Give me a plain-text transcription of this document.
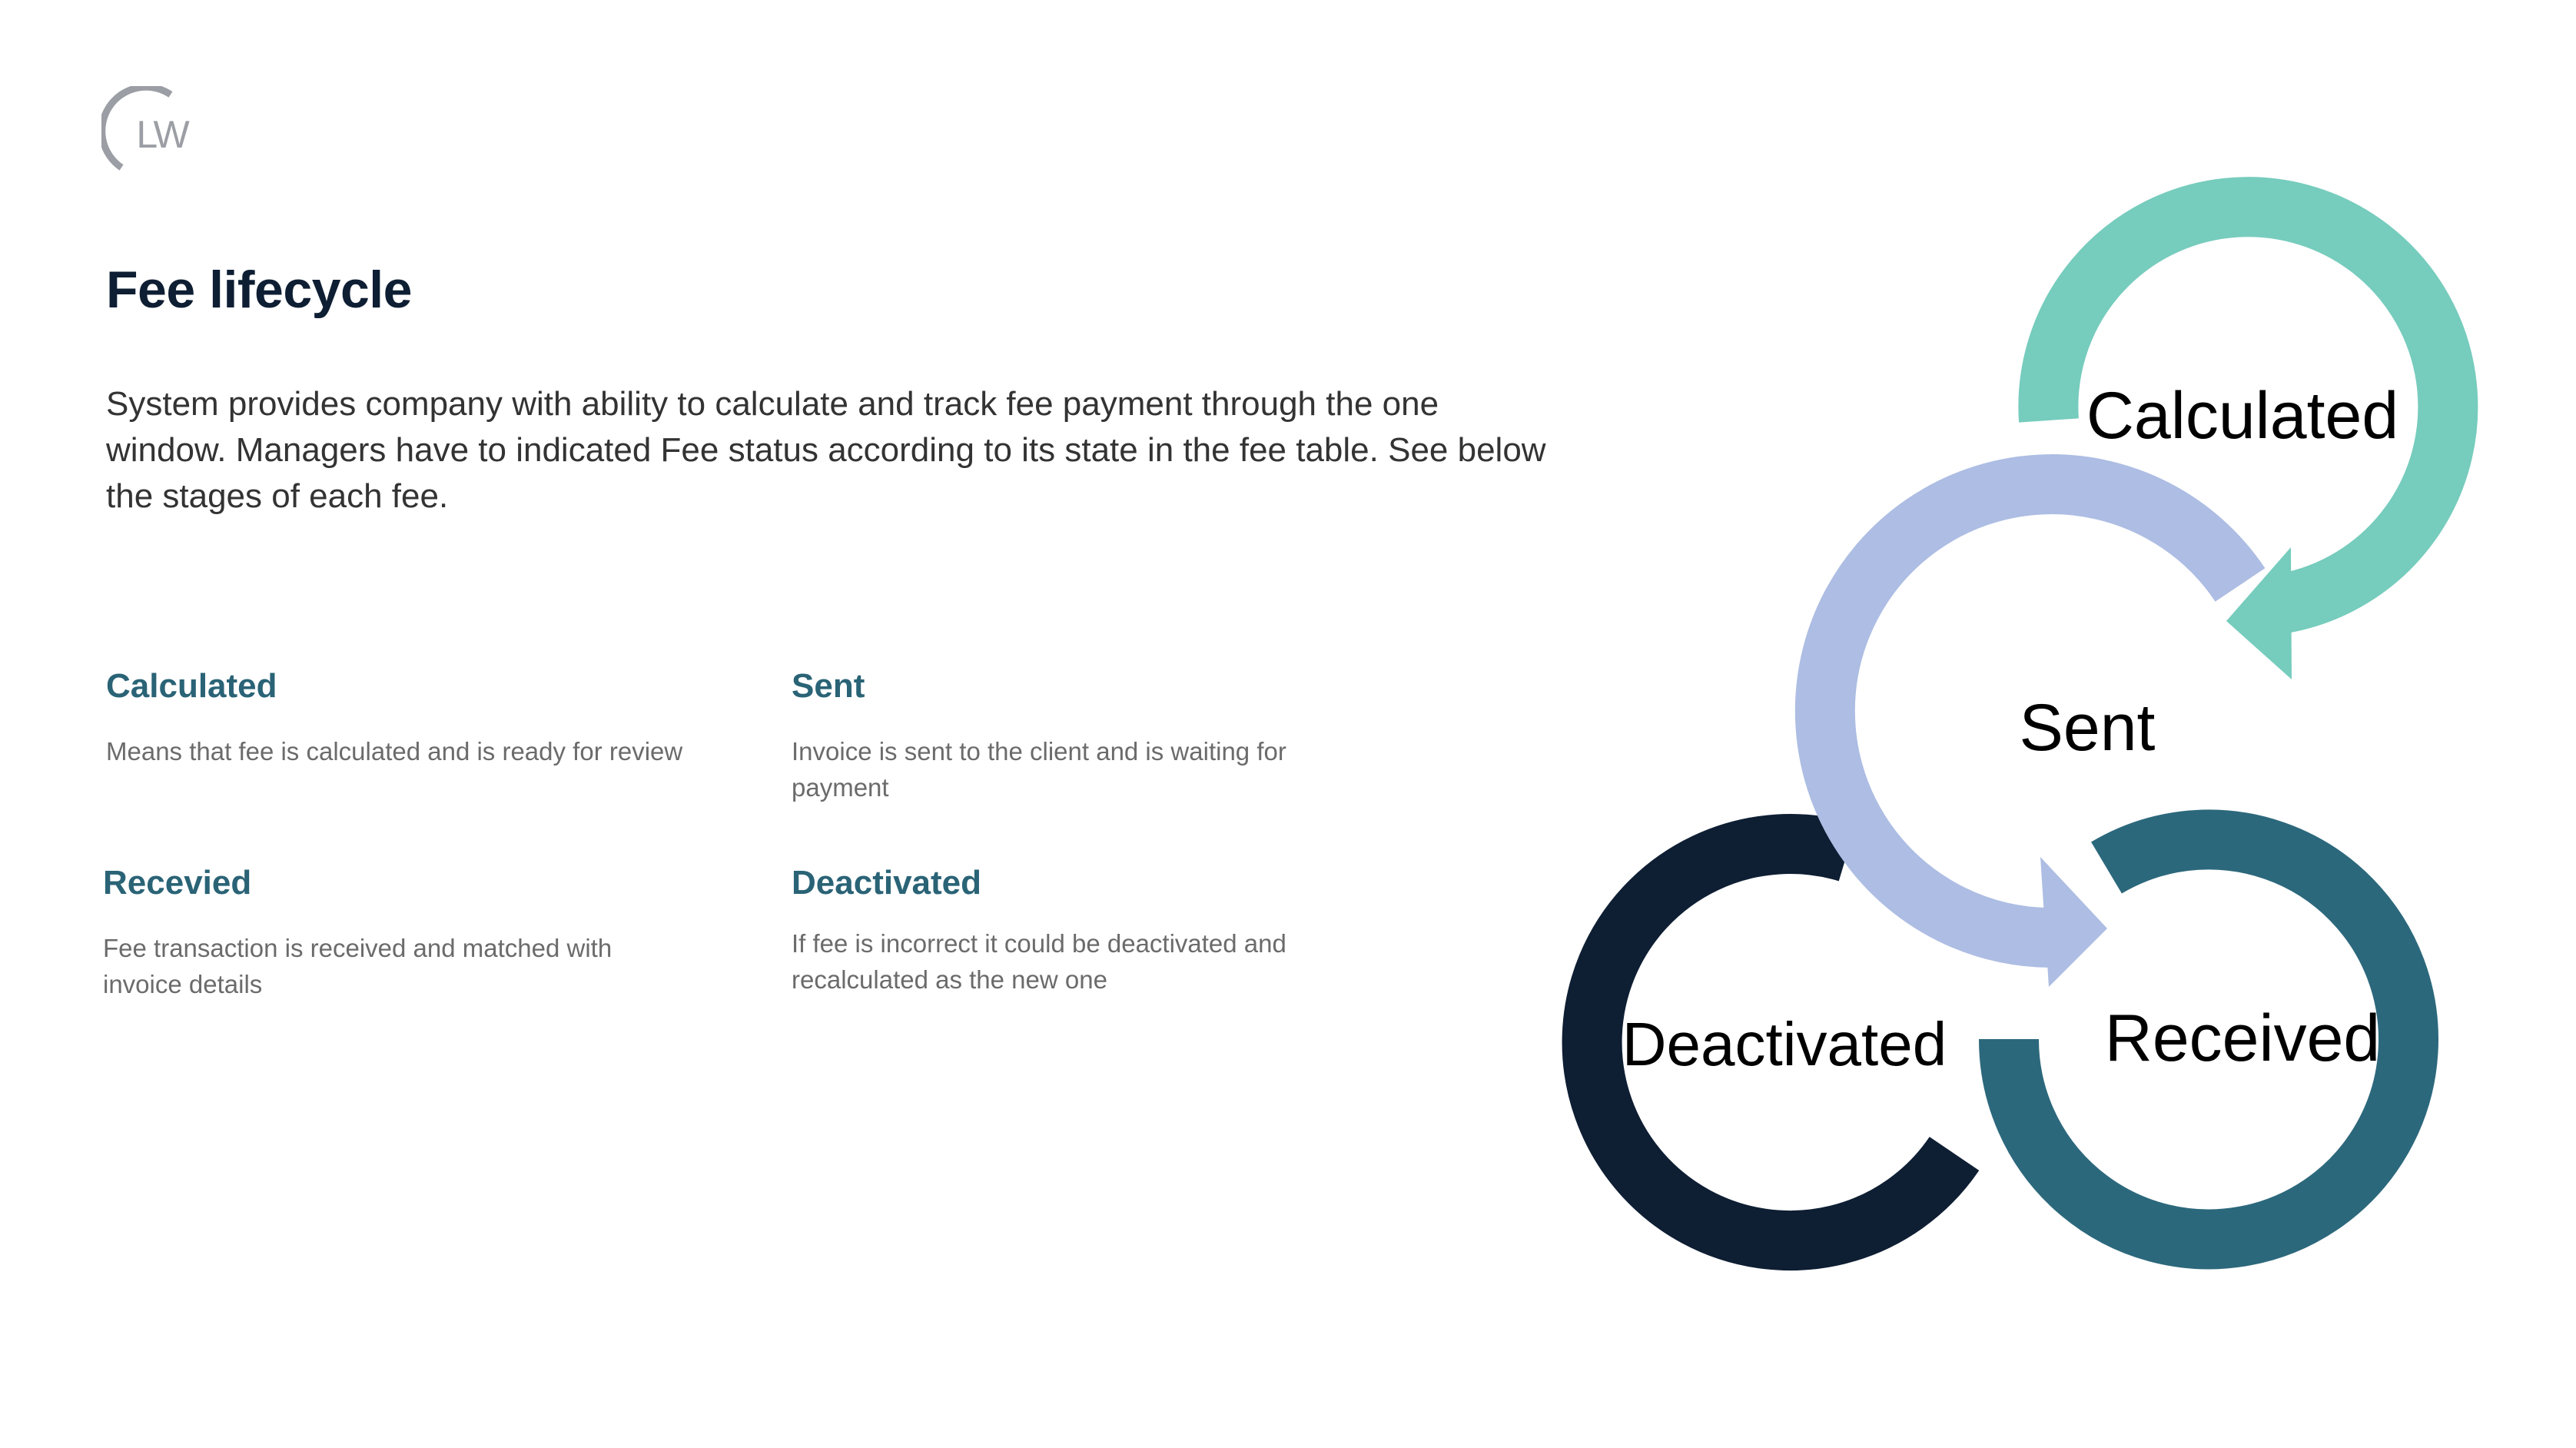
LW
Fee lifecycle

System provides company with ability to calculate and track fee payment through the one window. Managers have to indicated Fee status according to its state in the fee table. See below the stages of each fee.

Calculated

Means that fee is calculated and is ready for review

Sent

Invoice is sent to the client and is waiting for payment

Recevied

Fee transaction is received and matched with invoice details

Deactivated

If fee is incorrect it could be deactivated and recalculated as the new one

Calculated
Sent
Received
Deactivated
